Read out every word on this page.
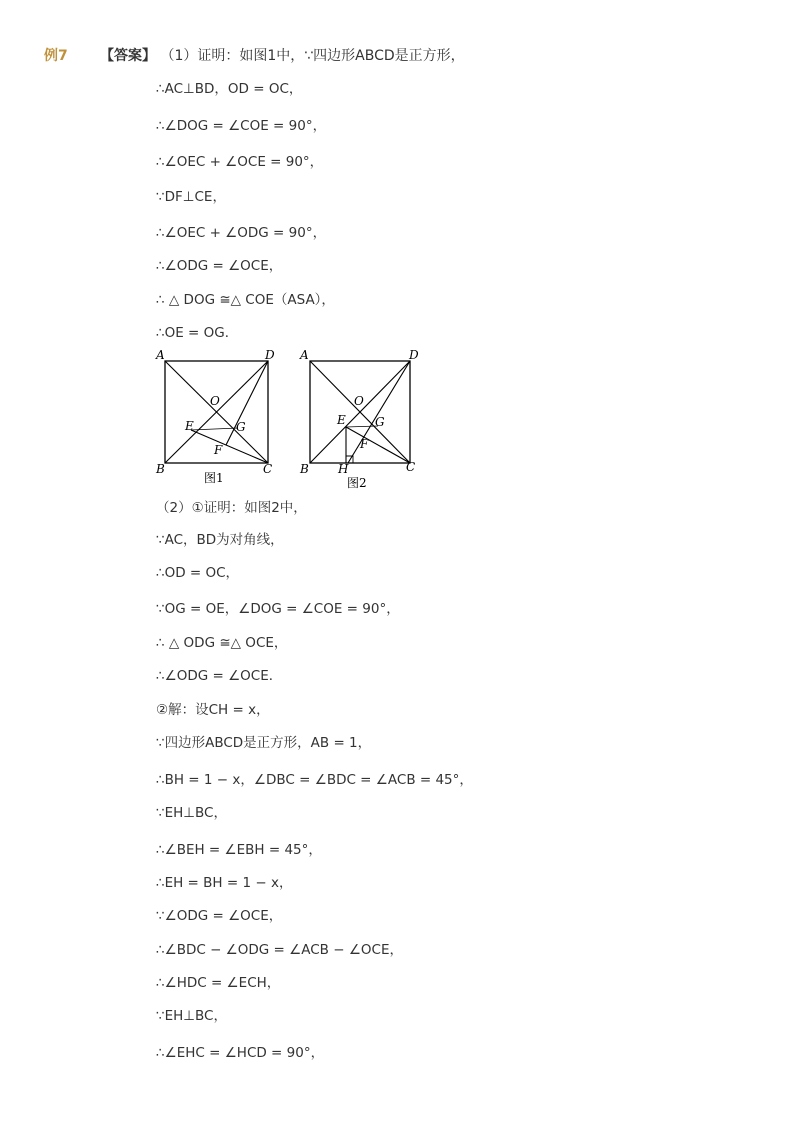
例7 【答案】 （1）证明：如图1中，∵四边形ABCD是正方形，
∴AC⊥BD，OD = OC，
∴∠DOG = ∠COE = 90°，
∴∠OEC + ∠OCE = 90°，
∵DF⊥CE，
∴∠OEC + ∠ODG = 90°，
∴∠ODG = ∠OCE，
∴ △ DOG ≅△ COE（ASA），
∴OE = OG．
A	D
O
E	G
F
B	C
图1
A	D
O
E G
F
B H	C
图2
（2）①证明：如图2中，
∵AC，BD为对角线，
∴OD = OC，
∵OG = OE，∠DOG = ∠COE = 90°，
∴ △ ODG ≅△ OCE，
∴∠ODG = ∠OCE．
②解：设CH = x，
∵四边形ABCD是正方形，AB = 1，
∴BH = 1 − x，∠DBC = ∠BDC = ∠ACB = 45°，
∵EH⊥BC，
∴∠BEH = ∠EBH = 45°，
∴EH = BH = 1 − x，
∵∠ODG = ∠OCE，
∴∠BDC − ∠ODG = ∠ACB − ∠OCE，
∴∠HDC = ∠ECH，
∵EH⊥BC，
∴∠EHC = ∠HCD = 90°，
